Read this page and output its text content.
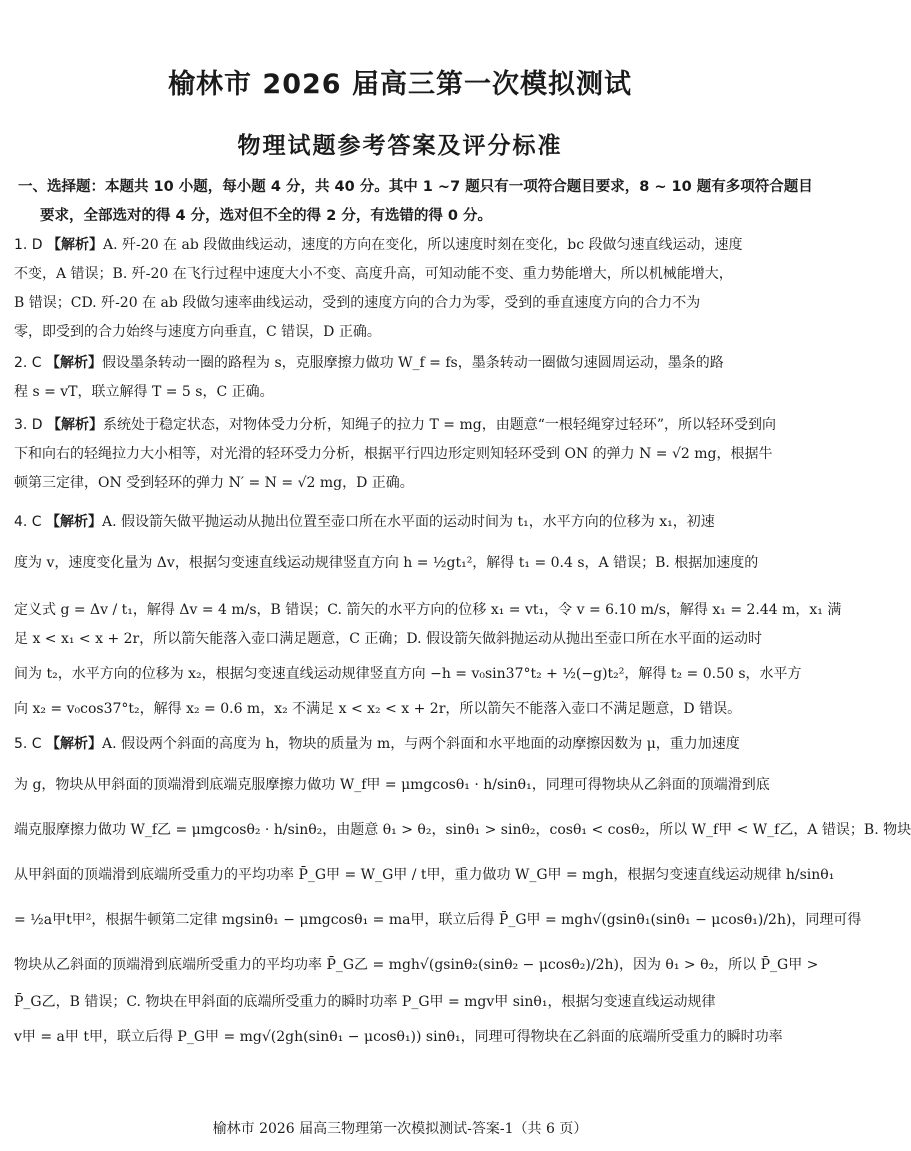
榆林市 2026 届高三第一次模拟测试
物理试题参考答案及评分标准
一、选择题：本题共 10 小题，每小题 4 分，共 40 分。其中 1 ~7 题只有一项符合题目要求，8 ~ 10 题有多项符合题目
要求，全部选对的得 4 分，选对但不全的得 2 分，有选错的得 0 分。
1. D 【解析】A. 歼-20 在 ab 段做曲线运动，速度的方向在变化，所以速度时刻在变化，bc 段做匀速直线运动，速度
不变，A 错误；B. 歼-20 在飞行过程中速度大小不变、高度升高，可知动能不变、重力势能增大，所以机械能增大，
B 错误；CD. 歼-20 在 ab 段做匀速率曲线运动，受到的速度方向的合力为零，受到的垂直速度方向的合力不为
零，即受到的合力始终与速度方向垂直，C 错误，D 正确。
2. C 【解析】假设墨条转动一圈的路程为 s，克服摩擦力做功 W_f = fs，墨条转动一圈做匀速圆周运动，墨条的路
程 s = vT，联立解得 T = 5 s，C 正确。
3. D 【解析】系统处于稳定状态，对物体受力分析，知绳子的拉力 T = mg，由题意“一根轻绳穿过轻环”，所以轻环受到向
下和向右的轻绳拉力大小相等，对光滑的轻环受力分析，根据平行四边形定则知轻环受到 ON 的弹力 N = √2 mg，根据牛
顿第三定律，ON 受到轻环的弹力 N′ = N = √2 mg，D 正确。
4. C 【解析】A. 假设箭矢做平抛运动从抛出位置至壶口所在水平面的运动时间为 t₁，水平方向的位移为 x₁，初速
度为 v，速度变化量为 Δv，根据匀变速直线运动规律竖直方向 h = ½gt₁²，解得 t₁ = 0.4 s，A 错误；B. 根据加速度的
定义式 g = Δv / t₁，解得 Δv = 4 m/s，B 错误；C. 箭矢的水平方向的位移 x₁ = vt₁，令 v = 6.10 m/s，解得 x₁ = 2.44 m，x₁ 满
足 x < x₁ < x + 2r，所以箭矢能落入壶口满足题意，C 正确；D. 假设箭矢做斜抛运动从抛出至壶口所在水平面的运动时
间为 t₂，水平方向的位移为 x₂，根据匀变速直线运动规律竖直方向 −h = v₀sin37°t₂ + ½(−g)t₂²，解得 t₂ = 0.50 s，水平方
向 x₂ = v₀cos37°t₂，解得 x₂ = 0.6 m，x₂ 不满足 x < x₂ < x + 2r，所以箭矢不能落入壶口不满足题意，D 错误。
5. C 【解析】A. 假设两个斜面的高度为 h，物块的质量为 m，与两个斜面和水平地面的动摩擦因数为 μ，重力加速度
为 g，物块从甲斜面的顶端滑到底端克服摩擦力做功 W_f甲 = μmgcosθ₁ · h/sinθ₁，同理可得物块从乙斜面的顶端滑到底
端克服摩擦力做功 W_f乙 = μmgcosθ₂ · h/sinθ₂，由题意 θ₁ > θ₂，sinθ₁ > sinθ₂，cosθ₁ < cosθ₂，所以 W_f甲 < W_f乙，A 错误；B. 物块
从甲斜面的顶端滑到底端所受重力的平均功率 P̄_G甲 = W_G甲 / t甲，重力做功 W_G甲 = mgh，根据匀变速直线运动规律 h/sinθ₁
= ½a甲t甲²，根据牛顿第二定律 mgsinθ₁ − μmgcosθ₁ = ma甲，联立后得 P̄_G甲 = mgh√(gsinθ₁(sinθ₁ − μcosθ₁)/2h)，同理可得
物块从乙斜面的顶端滑到底端所受重力的平均功率 P̄_G乙 = mgh√(gsinθ₂(sinθ₂ − μcosθ₂)/2h)，因为 θ₁ > θ₂，所以 P̄_G甲 >
P̄_G乙，B 错误；C. 物块在甲斜面的底端所受重力的瞬时功率 P_G甲 = mgv甲 sinθ₁，根据匀变速直线运动规律
v甲 = a甲 t甲，联立后得 P_G甲 = mg√(2gh(sinθ₁ − μcosθ₁)) sinθ₁，同理可得物块在乙斜面的底端所受重力的瞬时功率
榆林市 2026 届高三物理第一次模拟测试-答案-1（共 6 页）
